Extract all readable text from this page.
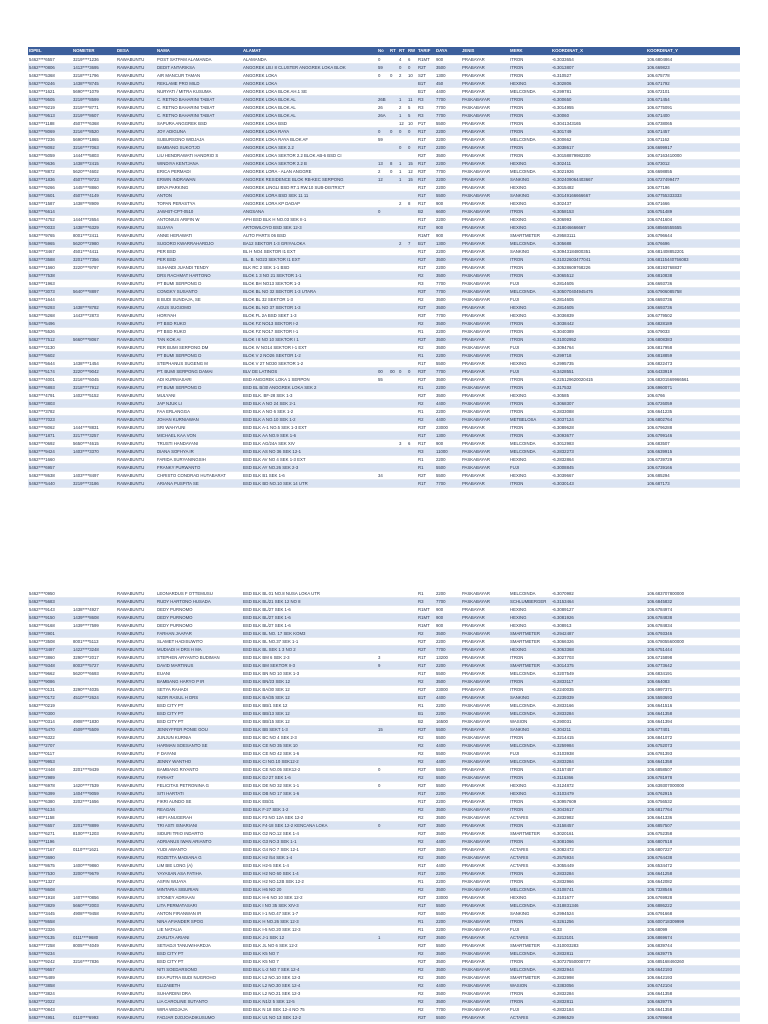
IDPEL	NOMETER	DESA	NAMA	ALAMAT	No	RT	RT	RW	TARIF	DAYA	JENIS	MERK	KOORDINAT_X	KOORDINAT_Y
5462****6557	3219****1236	RAWABUNTU	POST SATPAM ALAMANDA	ALAMANDA	0		4	6	R1MT	900	PRABAYAR	ITRON	-6.3033654	106.6804864
5462****0806	1413****3695	RAWABUNTU	DEDIT ANTARIKSA	ANGGREK LB.I 8 CLUSTER ANGGREK LOKA BLOK	59		0	0	R2T	3500	PRABAYAR	ITRON	-6.3013807	106.669823
5462****5368	3218****1796	RAWABUNTU	AIR MANCUR TAMAN	ANGGREK LOKA	0	0	2	10	S2T	1300	PRABAYAR	ITRON	-6.310527	106.675778
5462****0246	1438****8745	RAWABUNTU	REKLAME PRO MILD	ANGGREK LOKA					B1T	450	PRABAYAR	HEXING	-6.302806	106.671792
5462****1621	5690****1079	RAWABUNTU	NURYATI / MITRA KUSUMA	ANGGREK LOKA BLOK AH.1 SE					B1T	4400	PRABAYAR	MELCOINDA	-6.299781	106.672101
5462****9505	3219****8599	RAWABUNTU	C. RETNO BAHARINI TABIAT	ANGGREK LOKA BLOK AL	26B		1	11	R3	7700	PASKABAYAR	ITRON	-6.300650	106.671454
5462****9219	3219****8771	RAWABUNTU	C. RETNO BAHARINI TABIAT	ANGGREK LOKA BLOK AL	26		2	5	R3	7700	PASKABAYAR	ITRON	-6.3014955	106.6775091
5462****9513	3219****8607	RAWABUNTU	C. RETNO BAHARINI TABIAT	ANGGREK LOKA BLOK AL	26A		1	5	R3	7700	PASKABAYAR	ITRON	-6.30060	106.671400
5462****1188	4507****6368	RAWABUNTU	SAPURA ANGGREK BSD	ANGGREK LOKA BSD			12	10	P1T	5500	PRABAYAR	ITRON	-6.3041343165	106.6738065
5462****8069	3216****8520	RAWABUNTU	JOY ADIGUNA	ANGGREK LOKA RAYA	0	0	0	0	R1T	2200	PRABAYAR	ITRON	-6.301749	106.671457
5462****7236	5690****1865	RAWABUNTU	SUBURSONO WIDJAJA	ANGGREK LOKA RAYA BLOK AF	59				R1T	2200	PRABAYAR	MELCOINDA	-6.300662	106.671162
5462****8092	3216****7063	RAWABUNTU	BAMBANG SUKOTJO	ANGGREK LOKA SEK 2.2			0	0	R1T	2200	PRABAYAR	ITRON	-6.3038617	106.6699917
5462****5059	1444****5803	RAWABUNTU	LIU HENDRAWATI HANDRIO S	ANGGREK LOKA SEKTOR 2.2 BLOK AB-6 BSD CI					R2T	3500	PRABAYAR	ITRON	-6.30158879982200	106.67163410000
5462****9636	1438****2415	RAWABUNTU	WINDIYA KENTJANA	ANGGREK LOKA SEKTOR 2.2 B	13	8	1	15	R1T	2200	PRABAYAR	HEXING	-6.302411	106.673012
5462****8872	5620****4602	RAWABUNTU	ERICA PERMADI	ANGGREK LORA - ALAN ANGGRE	2	0	1	12	R3T	7700	PASKABAYAR	MELCOINDA	-6.3021926	106.6698855
5462****1836	4507****9723	RAWABUNTU	ERWIN INDRAWAN	ANGGREK RESIDENCE BLOK RB-KEC SERPONG	12		1	15	R1T	2200	PRABAYAR	SANKING	-6.302409064403667	106.6727499477
5462****9266	1445****8860	RAWABUNTU	BRVA PARKING	ANGGREK LINGLI BSD RT.1 RW.10 SUB-DISTRICT					R1T	2200	PRABAYAR	HEXING	-6.3015482	106.677196
5462****3601	4507****4149	RAWABUNTU	ANTON	ANGGREK LORA BSD SEK 11 11					R1T	5500	PASKABAYAR	SANKING	-6.30149166666667	106.67755333333
5462****1587	1438****8909	RAWABUNTU	TOPAN PERASTYA	ANGGREK LORA KP DADAP			2	8	R1T	900	PRABAYAR	HEXING	-6.302437	106.671666
5462****6614		RAWABUNTU	JAW-BT-CPT-0510	ANGSANA	0				B2	6600	PASKABAYAR	ITRON	-6.3058153	106.6751489
5462****4752	1444****2654	RAWABUNTU	ANTONIUS ARIFIN W	APH BSD BLK H NO.03 SEK II-1					R1T	2200	PRABAYAR	HEXING	-6.306993	106.6741604
5462****0033	1438****6329	RAWABUNTU	SUJAYA	ARTOWILOYO BSD SEK 12-3					R1T	900	PRABAYAR	HEXING	-6.318046666667	106.68565555555
5462****9765	8001****2411	RAWABUNTU	ANNE HERAWATI	AUTO PARTS 06 BSD					R1MT	900	PRABAYAR	SMARTMETER	-6.29583111	106.6796644
5462****5965	5620****2980	RAWABUNTU	SUGORO KWARRAHARDJO	BA12 SEKTOR 1-3 GRIYALOKA			2	7	B1T	1300	PRABAYAR	MELCOINDA	-6.305688	106.676696
5462****3467	4501****4411	RAWABUNTU	PER BSD	BL H NO4 SEKTOR I1 EXT					R1T	2200	PRABAYAR	SANKING	-6.30943184800351	106.681408852201
5462****3588	3201****7356	RAWABUNTU	PER BSD	BL. B. NO23 SEKTOR I1 EXT					R2T	3500	PRABAYAR	ITRON	-6.31022603477041	106.68115440756083
5462****1560	3220****9797	RAWABUNTU	SUHANDI JUANDI TENDY	BLK RC 2 SEK 1-1 BSD					R1T	2200	PRABAYAR	ITRON	-6.30528609768226	106.68193768837
5462****7538		RAWABUNTU	DRS RACHMAT HARTONO	BLOK 1 3 NO 21 SEKTOR 1-1					R2	3500	PASKABAYAR	ITRON	-6.3065512	106.6810838
5462****1963		RAWABUNTU	PT BUMI SERPONG D	BLOK BH NO13 SEKTOR 1-3					R3	7700	PASKABAYAR	FUJI	-6.2814605	106.6693736
5462****3073	5640****8897	RAWABUNTU	CONGKY SUSANTO	BLOK BL NO 32 SEKTOR 1-3 UTARA					R3T	7700	PASKABAYAR	MELCOINDA	-6.305070404945476	106.67906085758
5462****1644		RAWABUNTU	B BUDI SUNDAJA, SE	BLOK BL 32 SEKTOR 1-3					R2	3500	PASKABAYAR	FUJI	-6.2814605	106.6693736
5462****8293	1438****8782	RAWABUNTU	AGUS SUGIOMO	BLOK BL NO 37 SEKTOR 1-3					R2T	3500	PRABAYAR	HEXING	-6.2814605	106.6693736
5462****5268	1443****2873	RAWABUNTU	HORIYAH	BLOK FL 2A BSD SEKT 1-3					R3T	7700	PRABAYAR	HEXING	-6.3036839	106.6779502
5462****5496		RAWABUNTU	PT BSD RUKO	BLOK FZ NO13 SEKTOR I-2					R2	3500	PASKABAYAR	ITRON	-6.3038442	106.6828189
5462****5526		RAWABUNTU	PT BSD RUKO	BLOK FZ NO17 SEKTOR I-1					R1	2200	PASKABAYAR	ITRON	-6.3040389	106.679033
5462****7512	5660****8067	RAWABUNTU	TAN KOK AI	BLOK I 8 NO 10 SEKTOR I 1					R2T	3500	PRABAYAR	ITRON	-6.31002952	106.6808383
5462****3130		RAWABUNTU	PER BUMI SERPONG DM	BLOK IV NO14 SEKTOR I-1 EXT					R2	3500	PASKABAYAR	FUJI	-6.3094764	106.6817958
5462****5602		RAWABUNTU	PT BUMI SERPONG D	BLOK V 2 NO26 SEKTOR 1-2					R1	2200	PASKABAYAR	ITRON	-6.299718	106.6818859
5462****5644	1438****1454	RAWABUNTU	STEPHANUS SUGENG M	BLOK V 27 NO30 SEKTOR 1-2					R1T	5500	PRABAYAR	HEXING	-6.2995735	106.6822473
5462****5174	3220****9042	RAWABUNTU	PT. BUMI SERPONG DAMAI	BLV DE LATINOS	00	00	0	0	R3T	7700	PRABAYAR	FUJI	-6.3428551	106.6433919
5462****4001	3216****6045	RAWABUNTU	ADI KURNIASARI	BSD ANGGREK LOKA 1 SERPON	55				R2T	3500	PRABAYAR	ITRON	-6.225129620020415	106.68201569966561
5462****6893	3218****7912	RAWABUNTU	PT BUMI SERPONG D	BSD BL B/30 ANGGREK LOKA SEK 2					R1	2200	PASKABAYAR	ITRON	-6.317532	106.6960071
5462****4791	1402****5152	RAWABUNTU	MULYANI	BSD BLK. BF-28 SEK 1-3					R2T	3500	PRABAYAR	HEXING	-6.30585	106.6766
5462****3803		RAWABUNTU	JAP NJUK LI	BSD BLK A NO 24 SEK 2-1					R2	4400	PASKABAYAR	ITRON	-6.3068307	106.6726059
5462****3782		RAWABUNTU	FAA ERLANGGA	BSD BLK A NO 6 SEK 1-2					R1	2200	PASKABAYAR	ITRON	-6.2833088	106.6641235
5462****7023		RAWABUNTU	JOHAN KURNIAWAN	BSD BLK A NO.10 SEK 1-2					R2	4400	PASKABAYAR	METBELOSA	-6.3037124	106.6802764
5462****8062	1444****8831	RAWABUNTU	SRI WAHYUNI	BSD BLK A-1 NO.5 SEK 1-3 EXT					R3T	23000	PRABAYAR	ITRON	-6.3089628	106.6796288
5462****1871	3217****3257	RAWABUNTU	MICHAEL KAA VON	BSD BLK AA NO.9 SEK 1-6					R1T	1300	PRABAYAR	ITRON	-6.3093677	106.6799146
5462****0692	5650****4615	RAWABUNTU	TRUSTI HANDAYANI	BSD BLK AG/24A SEK XIV			3	6	R1T	900	PRABAYAR	MELCOINDA	-6.3012983	106.683507
5462****9424	1403****3370	RAWABUNTU	DIANA SOFHYA IR	BSD BLK AS NO 36 SEK 12-1					R3	11000	PASKABAYAR	MELCOINDA	-6.2832273	106.6639915
5462****1660		RAWABUNTU	FARIDA SURYANINGSIH	BSD BLK AV NO 4 SEK 1-3 EXT					R1	2200	PASKABAYAR	HEXING	-6.2832864	106.6739729
5462****6957		RAWABUNTU	FRANKY PURWANTO	BSD BLK AY NO.26 SEK 2-3					R1	5500	PASKABAYAR	FUJI	-6.3008845	106.6739166
5462****8638	1403****8497	RAWABUNTU	CHRISTO CONDRAD HUTABARAT	BSD BLK B1 SEK 1-6	34				R2T	5500	PRABAYAR	HEXING	-6.3039667	106.685294
5462****5440	3219****3186	RAWABUNTU	ARIANA PUSPITA SE	BSD BLK BD NO.10 SEK 14 UTR					R1T	7700	PRABAYAR	ITRON	-6.3030143	106.687173
5462****0950		RAWABUNTU	LEONARDUS F OTTEMUSU	BSD BLK BL 01 NO.8 NUSA LOKA UTR					R1	2200	PASKABAYAR	MELCOINDA	-6.3070982	106.683707800000
5462****5683		RAWABUNTU	RUDY HARTONO HUSADA	BSD BLK BL/21 SEK 12 NO 8					R3	7700	PASKABAYAR	SCHLUMBERGER	-6.3153464	106.6845832
5462****9143	1438****4927	RAWABUNTU	DEDY PURNOMO	BSD BLK BL/27 SEK 1-6					R1MT	900	PRABAYAR	HEXING	-6.3089127	106.6784974
5462****9150	1439****8608	RAWABUNTU	DEDY PURNOMO	BSD BLK BL/27 SEK 1-6					R1MT	900	PRABAYAR	HEXING	-6.3081926	106.6784838
5462****9168	1439****7599	RAWABUNTU	DEDY PURNOMO	BSD BLK BL/27 SEK 1-6					R1MT	900	PRABAYAR	HEXING	-6.308913	106.6784834
5462****3901		RAWABUNTU	FARHAN JAAFAR	BSD BLK BL NO. 17 SEK KOM3					R2	3500	PASKABAYAR	SMARTMETER	-6.2942487	106.6793346
5462****3508	8001****5113	RAWABUNTU	SLAMET HADISUWITO	BSD BLK BL NO.37 SEK 1-1					R2T	2200	PRABAYAR	SMARTMETER	-6.3066326	106.678055600000
5462****3497	1422****3248	RAWABUNTU	MUDIADI H DRS H MA	BSD BLK BL SEK 1 3 NO 2					R2T	7700	PRABAYAR	HEXING	-6.3063368	106.6751444
5462****3860	3290****2017	RAWABUNTU	STEPHEN ARYANTO BUDIMAN	BSD BLK BM 6 SEK 2-3	3				R1T	13200	PRABAYAR	ITRON	-6.3027703	106.6715898
5462****9348	8003****5727	RAWABUNTU	DAVID MARTINUS	BSD BLK BM SEKTOR II-3	9				R1T	2200	PRABAYAR	SMARTMETER	-6.3014375	106.6773642
5462****9662	5620****6693	RAWABUNTU	EUANI	BSD BLK BN NO 10 SEK 1-3					R1T	5500	PRABAYAR	MELCOINDA	-6.3207549	106.6834191
5462****9086		RAWABUNTU	BAMBANG HARYO P IR	BSD BLK BN/23 SEK 12					R2	3500	PASKABAYAR	ITRON	-6.2833117	106.664083
5462****0131	3290****4035	RAWABUNTU	SETYA RAHADI	BSD BLK BA/30 SEK 12					R2T	23000	PRABAYAR	ITRON	-6.2240035	106.6997371
5462****0172	4510****2624	RAWABUNTU	NIZIR RASUL H DRS	BSD BLK BA/35 SEK 12					B1T	4400	PRABAYAR	SANKING	-6.2239339	106.5593693
5462****0219		RAWABUNTU	BSD CITY PT	BSD BLK BB/1 SEK 12					R1	2200	PASKABAYAR	MELCOINDA	-6.2833166	106.6641516
5462****0300		RAWABUNTU	BSD CITY PT	BSD BLK BB/13 SEK 12					B1	2200	PASKABAYAR	MELCOINDA	-6.2833284	106.6641358
5462****0314	4908****1830	RAWABUNTU	BSD CITY PT	BSD BLK BB/15 SEK 12					B2	16500	PASKABAYAR	WASION	-6.290031	106.6641394
5462****5470	4509****5509	RAWABUNTU	JENNYFFER PONIE GOU	BSD BLK BB SEKT 1-3	15				R2T	5500	PRABAYAR	SANKING	-6.304211	106.677401
5462****6322		RAWABUNTU	JUNJUN KURNIA	BSD BLK BC NO 4 SEK 2-3					R2	5500	PASKABAYAR	ITRON	-6.3214415	106.6841072
5462****2707		RAWABUNTU	HARMAN SOESANTO SE	BSD BLK CE NO 35 SEK 10					R2	4400	PASKABAYAR	MELCOINDA	-6.3259984	106.6752073
5462****0117		RAWABUNTU	F DAYANI	BSD BLK CE NO 42 SEK 1-6					R2	5500	PASKABAYAR	FUJI	-6.3103938	106.6781393
5462****9953		RAWABUNTU	JENNY WANTHO	BSD BLK CI NO.10 SEK12-2					R2	4400	PASKABAYAR	MELCOINDA	-6.2833284	106.6641358
5462****2448	3201****9439	RAWABUNTU	BAMBANG RIYANTO	BSD BLK CE NO.05 SEK12-2	0				R2T	5500	PRABAYAR	ITRON	-6.3157457	106.6858507
5462****2989		RAWABUNTU	FARHAT	BSD BLK DJ 27 SEK 1-6					R2	5500	PASKABAYAR	ITRON	-6.3116366	106.6781978
5462****6978	1420****7539	RAWABUNTU	FELICITAS PETRONINA G	BSD BLK DE NO 32 SEK 1-1	0				R2T	5500	PRABAYAR	HEXING	-6.3124872	106.639307000000
5462****6399	1404****9059	RAWABUNTU	SITI HARTATI	BSD BLK DB NO 17 SEK 1-6					R1T	2200	PRABAYAR	HEXING	-6.3103479	106.6762915
5462****6380	3202****1656	RAWABUNTU	FIKRI AUNDO SE	BSD BLK EB/31					R1T	2200	PRABAYAR	ITRON	-6.30957609	106.6756532
5462****6134		RAWABUNTU	REAGAN	BSD BLK F-27 SEK 1-2					R2	3500	PASKABAYAR	ITRON	-6.3043617	106.6817764
5462****1158		RAWABUNTU	HEFI ANUGERAH	BSD BLK F3 NO 12A SEK 12-2					R2	3500	PASKABAYAR	ACTARIS	-6.2832982	106.6641336
5462****6557	3201****8899	RAWABUNTU	TRI ASTI ISNARIANI	BSD BLK F4-18 SEK 12-2 KENCANA LOKA	0				R2T	3500	PRABAYAR	ITRON	-6.3158457	106.6857507
5462****6271	8100****1203	RAWABUNTU	SIDURI TRIO INDARTO	BSD BLK G2 NO.12 SEK 1-4					R2T	3500	PRABAYAR	SMARTMETER	-6.3020161	106.6752358
5462****1196		RAWABUNTU	ADRIANUS IWAN ARIANTO	BSD BLK G3 NO.3 SEK 1-1					R2	4400	PASKABAYAR	ITRON	-6.3081066	106.6807518
5462****7167	0110****1621	RAWABUNTU	YUDI AWANTO	BSD BLK G4 NO 7 SEK 12-1					R2T	3500	PRABAYAR	ACTARIS	-6.3082472	106.6807227
5462****3690		RAWABUNTU	ROZETTA MADIANA G	BSD BLK H2 /54 SEK 1-4					R2	3500	PASKABAYAR	ACTARIS	-6.2575934	106.6764438
5462****8675	1400****9860	RAWABUNTU	LIM BIE LONG (A)	BSD BLK H2-5 SEK 1-4					R1T	4400	PRABAYAR	ACTARIS	-6.3055449	106.6534472
5462****7530	3200****9679	RAWABUNTU	YAYASAN ASA FATIHA	BSD BLK H2 NO 60 SEK 1-4					R1T	2200	PRABAYAR	ITRON	-6.2833284	106.6641258
5462****1327		RAWABUNTU	ASFIN WIJAYA	BSD BLK H2 NO.12B SEK 12-2					R1	2200	PASKABAYAR	ITRON	-6.2832966	106.6642082
5462****8608		RAWABUNTU	MINTARIA SIBURIAN	BSD BLK H6 NO 20					R2	3500	PASKABAYAR	MELCOINDA	-6.3108741	106.7328546
5462****1918	1407****0856	RAWABUNTU	STONEY ADRIAAN	BSD BLK H-6 NO 10 SEK 12-2					R2T	33000	PRABAYAR	HEXING	-6.3101677	106.6769928
5462****3829	5660****2003	RAWABUNTU	LITA PERMATASARI	BSD BLK I NO 35 SEK XIV-3					R1T	5500	PRABAYAR	MELCOINDA	-6.318831346	106.6886222
5462****3445	4908****9458	RAWABUNTU	ANTON FIRANWAN IR	BSD BLK I-1 NO.47 SEK 1-7					R2T	5500	PRABAYAR	SANKING	-6.2994524	106.6791668
5462****8658		RAWABUNTU	NINA AFIANDER SPOG	BSD BLK H NO.26 SEK 12-3					R1	2200	PASKABAYAR	ITRON	-6.3261256	106.600718309999
5462****2326		RAWABUNTU	LIE NATALIA	BSD BLK I-5 NO.20 SEK 12-3					R1	2200	PASKABAYAR	FUJI	-6.33	106.68099
5462****0135	0111****9680	RAWABUNTU	ZARLITA ARIANI	BSD BLK J-1 SEK 12	1				R2T	3500	PRABAYAR	ACTARIS	-6.3213101	106.6869674
5462****7258	8005****4049	RAWABUNTU	SETIADJI TANUWIHARDJA	BSD BLK JL NO 6 SEK 12-2					R2T	5500	PRABAYAR	SMARTMETER	-6.310003283	106.6839744
5462****9234		RAWABUNTU	BSD CITY PT	BSD BLK K5 NO 7					R2	3500	PASKABAYAR	MELCOINDA	-6.2832811	106.6639775
5462****9242	3216****7836	RAWABUNTU	BSD CITY PT	BSD BLK K5 NO 7					R2T	3500	PRABAYAR	ITRON	-6.30727550000777	106.685168460260
5462****9557		RAWABUNTU	NITI SOEDARSONO	BSD BLK L-2 NO 7 SEK 12-4					R2	3500	PASKABAYAR	MELCOINDA	-6.2832944	106.6642193
5462****5489		RAWABUNTU	EKA PUTRA BUDI NUGROHO	BSD BLK L2 NO.10 SEK 12-3					R2	3500	PASKABAYAR	SMARTMETER	-6.2832998	106.6642193
5462****3858		RAWABUNTU	ELIZABETH	BSD BLK L2 NO.30 SEK 12-4					R2	4400	PASKABAYAR	WASION	-6.3383056	106.6742104
5462****3824		RAWABUNTU	SUHARDINI DRA	BSD BLK L2 NO.21 SEK 12-3					R2	3500	PASKABAYAR	ITRON	-6.2832284	106.6641358
5462****2022		RAWABUNTU	LIA CAROLINE SUTANTO	BSD BLK N1/2 5 SEK 12-5					R2	3500	PASKABAYAR	ITRON	-6.2832811	106.6639775
5462****0843		RAWABUNTU	WIRA WIDJAJA	BSD BLK N 18 SEK 12-4 NO 75					R2	7700	PASKABAYAR	FUJI	-6.2832184	106.6641358
5462****4951	0110****6993	RAWABUNTU	FADJAR DJOJOADIKUSUMO	BSD BLK U1 NO 13 SEK 12-2					R2T	5500	PRABAYAR	ACTARIS	-6.2996529	106.6789668
